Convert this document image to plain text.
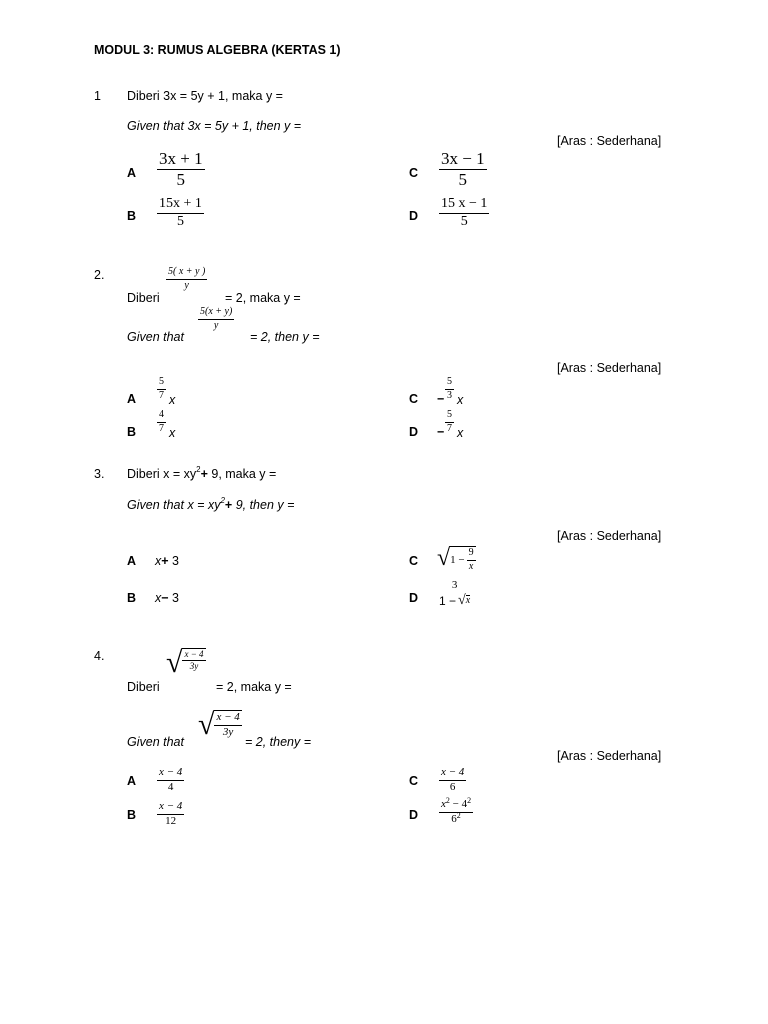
MODUL 3: RUMUS ALGEBRA (KERTAS 1)
1 Diberi 3x = 5y + 1, maka y =
Given that 3x = 5y + 1, then y =
[Aras : Sederhana]
A
3x + 1
5	C
3x − 1
5
B
15x + 1
5	D
15 x − 1
5
2.	5( x + y )
y
Diberi	= 2, maka y =
5(x + y)
y
Given that	= 2, then y =
[Aras : Sederhana]
A
5
7 x	C −
5
3 x
B
4
7 x	D −
5
7 x
3. Diberi $x = xy^2+ 9$, maka y =
Given that $x = xy^2+ 9$, then y =
[Aras : Sederhana]
A x+ 3	C √ $1 - \frac{9}{x}$
B x− 3	D
3
1 − √ x
4. √ $\frac{x - 4}{3y}$
Diberi	= 2, maka y =
√ $\frac{x - 4}{3y}$
Given that	= 2, theny =
[Aras : Sederhana]
A
x − 4
4	C
x − 4
6
B
x − 4
12	D
$x^2 - 4^2$
$6^2$
